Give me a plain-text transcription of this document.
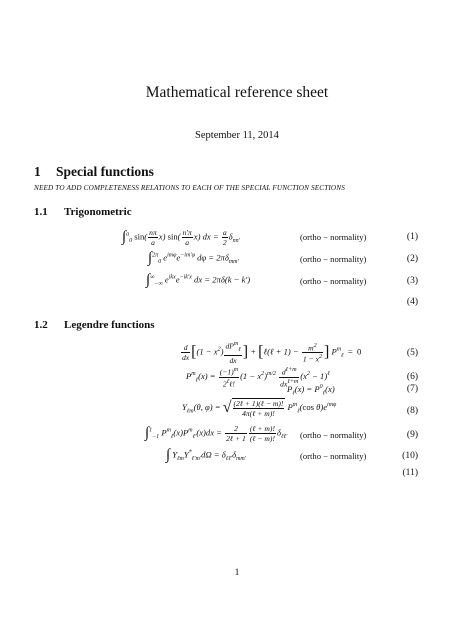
Mathematical reference sheet
September 11, 2014
1 Special functions
NEED TO ADD COMPLETENESS RELATIONS TO EACH OF THE SPECIAL FUNCTION SECTIONS
1.1 Trigonometric
∫$^a_0$ $\sin( \frac{n\pi}{a} x)$ $\sin( \frac{n'\pi}{a} x)$ dx = $\frac{a}{2} \delta_{nn'}$	(ortho − normality)	(1)
∫$^{2\pi}_0$ $e^{im\varphi}e^{-im'\varphi}$ $d\varphi = 2\pi\delta_{mm'}$	(ortho − normality)	(2)
$\int^\infty_{-\infty}$ $e^{ikx}e^{-ik'x}$ dx = 2πδ(k − k′)	(ortho − normality)	(3)
(4)
1.2 Legendre functions
$\frac{d}{dx} [(1 - x^2) \frac{dP^m_\ell}{dx}$ ] + [ℓ(ℓ + $1) - \frac{m^2}{1 - x^2}$ ] $P^m_\ell = 0$	(5)
$P^m_\ell(x) = \frac{(-1)^m}{2^\ell\ell!} (1 - x^2)^{m/2} \frac{d^{\ell+m}}{dx^{\ell+m}} (x^2 - 1)^\ell$	(6)
$P_\ell(x) = P^0_\ell(x)$	(7)
$Y_{\ell m}(\theta$, φ) = √ $\frac{\text{(2ℓ + 1)(ℓ − m)!}}{\text{4π(ℓ + m)!}} P^m_\ell(\cos$ $\theta)e^{im\varphi}$
(8)
∫$^1_{-1}$ $P^m_\ell(x)P^m_{\ell'}(x)dx = \frac{2}{\text{2ℓ + 1}} \frac{\text{(ℓ + m)!}}{\text{(ℓ − m)!}} \delta_{\ell\ell'}$ (ortho − normality)	(9)
∫ $Y_{\ell m}Y^*_{\ell'm'}d\Omega = \delta_{\ell\ell'}\delta_{mm'}$	(ortho − normality)	(10)
(11)
1
